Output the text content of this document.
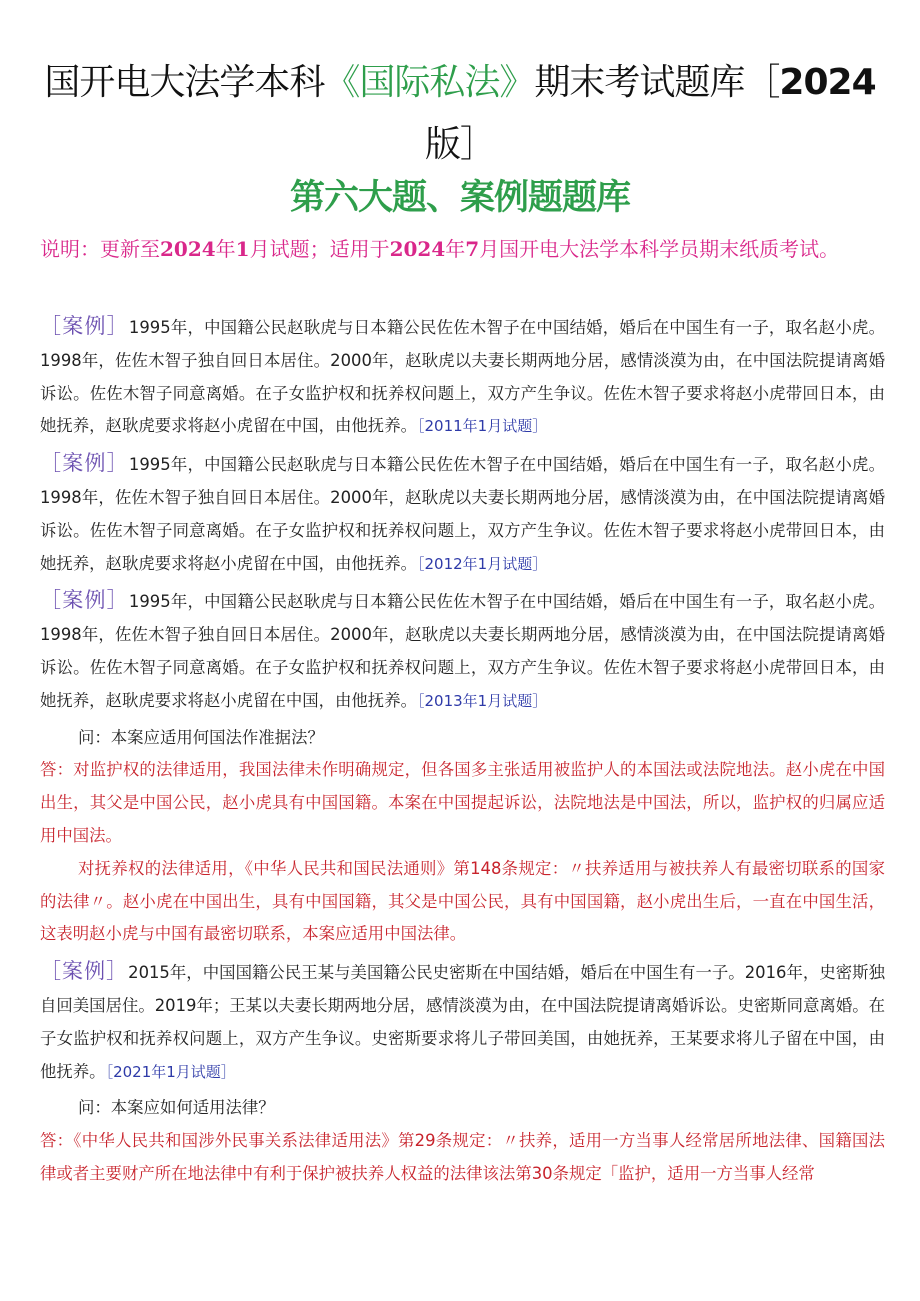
国开电大法学本科《国际私法》期末考试题库［2024
版］
第六大题、案例题题库
说明：更新至2024年1月试题；适用于2024年7月国开电大法学本科学员期末纸质考试。

［案例］1995年，中国籍公民赵耿虎与日本籍公民佐佐木智子在中国结婚，婚后在中国生有一子，取名赵小虎。1998年，佐佐木智子独自回日本居住。2000年，赵耿虎以夫妻长期两地分居，感情淡漠为由，在中国法院提请离婚诉讼。佐佐木智子同意离婚。在子女监护权和抚养权问题上，双方产生争议。佐佐木智子要求将赵小虎带回日本，由她抚养，赵耿虎要求将赵小虎留在中国，由他抚养。［2011年1月试题］

［案例］1995年，中国籍公民赵耿虎与日本籍公民佐佐木智子在中国结婚，婚后在中国生有一子，取名赵小虎。1998年，佐佐木智子独自回日本居住。2000年，赵耿虎以夫妻长期两地分居，感情淡漠为由，在中国法院提请离婚诉讼。佐佐木智子同意离婚。在子女监护权和抚养权问题上，双方产生争议。佐佐木智子要求将赵小虎带回日本，由她抚养，赵耿虎要求将赵小虎留在中国，由他抚养。［2012年1月试题］

［案例］1995年，中国籍公民赵耿虎与日本籍公民佐佐木智子在中国结婚，婚后在中国生有一子，取名赵小虎。1998年，佐佐木智子独自回日本居住。2000年，赵耿虎以夫妻长期两地分居，感情淡漠为由，在中国法院提请离婚诉讼。佐佐木智子同意离婚。在子女监护权和抚养权问题上，双方产生争议。佐佐木智子要求将赵小虎带回日本，由她抚养，赵耿虎要求将赵小虎留在中国，由他抚养。［2013年1月试题］

问：本案应适用何国法作准据法？

答：对监护权的法律适用，我国法律未作明确规定，但各国多主张适用被监护人的本国法或法院地法。赵小虎在中国出生，其父是中国公民，赵小虎具有中国国籍。本案在中国提起诉讼，法院地法是中国法，所以，监护权的归属应适用中国法。

对抚养权的法律适用，《中华人民共和国民法通则》第148条规定：〃扶养适用与被扶养人有最密切联系的国家的法律〃。赵小虎在中国出生，具有中国国籍，其父是中国公民，具有中国国籍，赵小虎出生后，一直在中国生活，这表明赵小虎与中国有最密切联系，本案应适用中国法律。

［案例］2015年，中国国籍公民王某与美国籍公民史密斯在中国结婚，婚后在中国生有一子。2016年，史密斯独自回美国居住。2019年；王某以夫妻长期两地分居，感情淡漠为由，在中国法院提请离婚诉讼。史密斯同意离婚。在子女监护权和抚养权问题上，双方产生争议。史密斯要求将儿子带回美国，由她抚养，王某要求将儿子留在中国，由他抚养。［2021年1月试题］

问：本案应如何适用法律？

答：《中华人民共和国涉外民事关系法律适用法》第29条规定：〃扶养，适用一方当事人经常居所地法律、国籍国法律或者主要财产所在地法律中有利于保护被扶养人权益的法律该法第30条规定「监护，适用一方当事人经常
